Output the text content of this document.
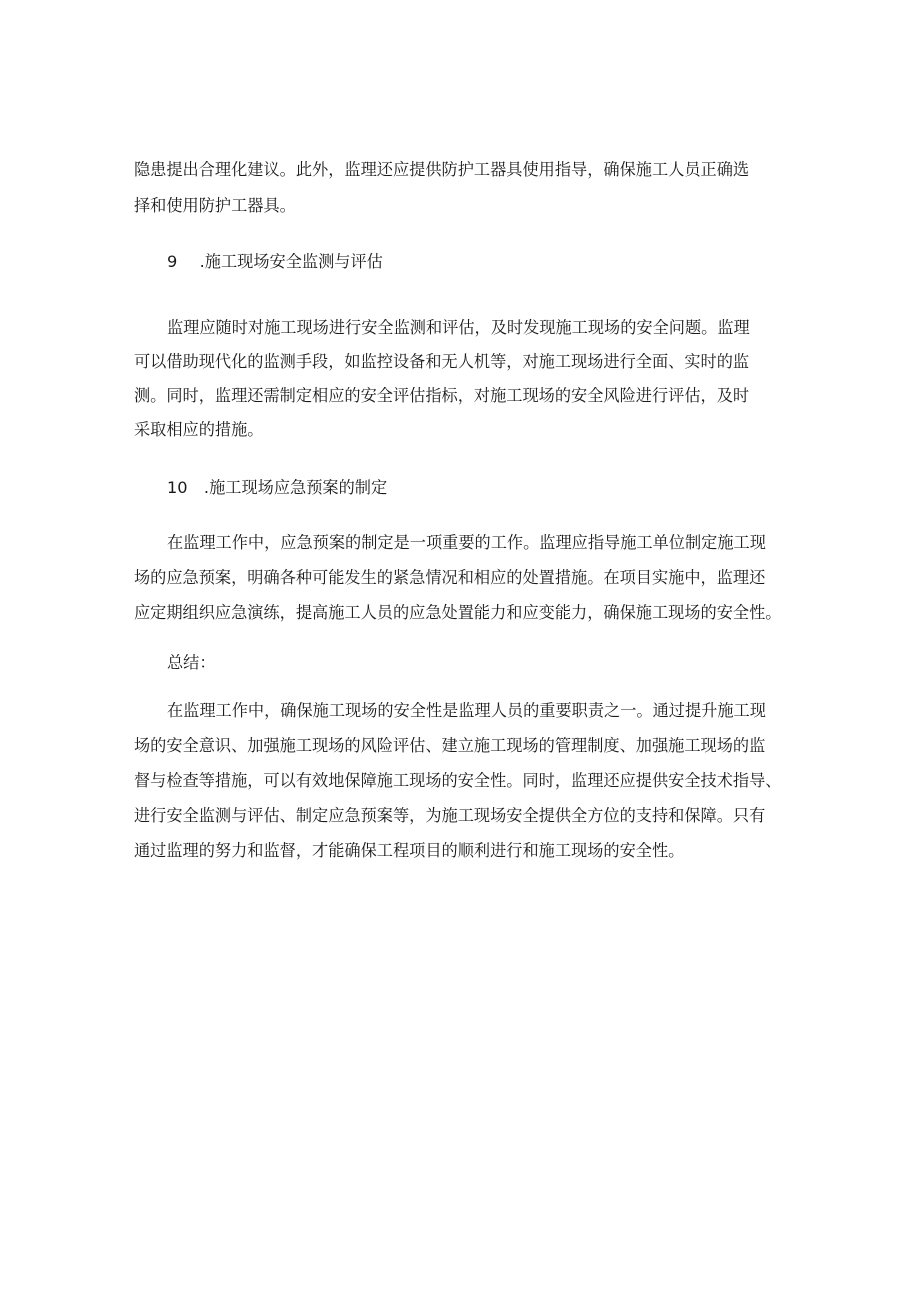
隐患提出合理化建议。此外，监理还应提供防护工器具使用指导，确保施工人员正确选

择和使用防护工器具。

9 .施工现场安全监测与评估

监理应随时对施工现场进行安全监测和评估，及时发现施工现场的安全问题。监理

可以借助现代化的监测手段，如监控设备和无人机等，对施工现场进行全面、实时的监

测。同时，监理还需制定相应的安全评估指标，对施工现场的安全风险进行评估，及时

采取相应的措施。

10 .施工现场应急预案的制定

在监理工作中，应急预案的制定是一项重要的工作。监理应指导施工单位制定施工现

场的应急预案，明确各种可能发生的紧急情况和相应的处置措施。在项目实施中，监理还

应定期组织应急演练，提高施工人员的应急处置能力和应变能力，确保施工现场的安全性。

总结：

在监理工作中，确保施工现场的安全性是监理人员的重要职责之一。通过提升施工现

场的安全意识、加强施工现场的风险评估、建立施工现场的管理制度、加强施工现场的监

督与检查等措施，可以有效地保障施工现场的安全性。同时，监理还应提供安全技术指导、

进行安全监测与评估、制定应急预案等，为施工现场安全提供全方位的支持和保障。只有

通过监理的努力和监督，才能确保工程项目的顺利进行和施工现场的安全性。
